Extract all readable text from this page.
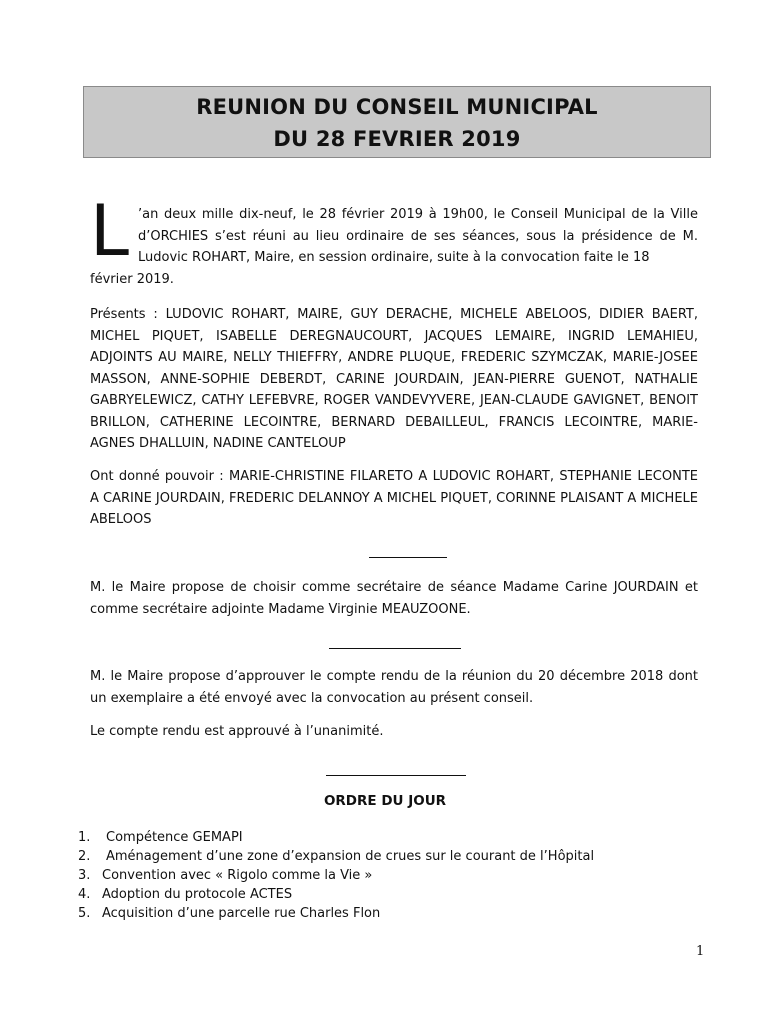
REUNION DU CONSEIL MUNICIPAL
DU 28 FEVRIER 2019
L ’an deux mille dix-neuf, le 28 février 2019 à 19h00, le Conseil Municipal de la Ville d’ORCHIES s’est réuni au lieu ordinaire de ses séances, sous la présidence de M. Ludovic ROHART, Maire, en session ordinaire, suite à la convocation faite le 18
février 2019.
Présents : LUDOVIC ROHART, MAIRE, GUY DERACHE, MICHELE ABELOOS, DIDIER BAERT, MICHEL PIQUET, ISABELLE DEREGNAUCOURT, JACQUES LEMAIRE, INGRID LEMAHIEU, ADJOINTS AU MAIRE, NELLY THIEFFRY, ANDRE PLUQUE, FREDERIC SZYMCZAK, MARIE-JOSEE MASSON, ANNE-SOPHIE DEBERDT, CARINE JOURDAIN, JEAN-PIERRE GUENOT, NATHALIE GABRYELEWICZ, CATHY LEFEBVRE, ROGER VANDEVYVERE, JEAN-CLAUDE GAVIGNET, BENOIT BRILLON, CATHERINE LECOINTRE, BERNARD DEBAILLEUL, FRANCIS LECOINTRE, MARIE-AGNES DHALLUIN, NADINE CANTELOUP
Ont donné pouvoir : MARIE-CHRISTINE FILARETO A LUDOVIC ROHART, STEPHANIE LECONTE A CARINE JOURDAIN, FREDERIC DELANNOY A MICHEL PIQUET, CORINNE PLAISANT A MICHELE ABELOOS
M. le Maire propose de choisir comme secrétaire de séance Madame Carine JOURDAIN et comme secrétaire adjointe Madame Virginie MEAUZOONE.
M. le Maire propose d’approuver le compte rendu de la réunion du 20 décembre 2018 dont un exemplaire a été envoyé avec la convocation au présent conseil.
Le compte rendu est approuvé à l’unanimité.
ORDRE DU JOUR
1.	Compétence GEMAPI
2.	Aménagement d’une zone d’expansion de crues sur le courant de l’Hôpital
3. Convention avec « Rigolo comme la Vie »
4. Adoption du protocole ACTES
5. Acquisition d’une parcelle rue Charles Flon
1
